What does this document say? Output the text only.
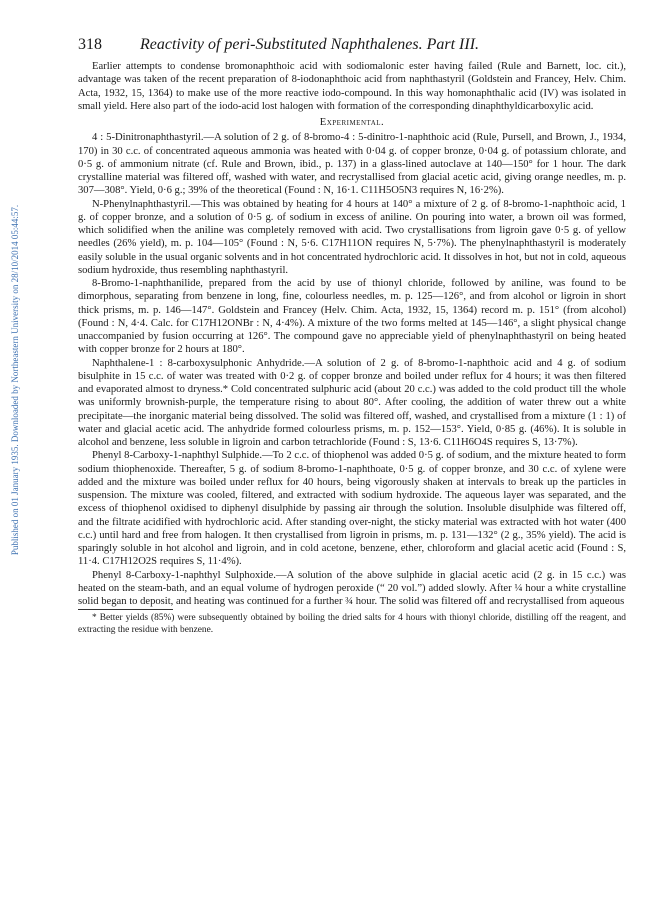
Published on 01 January 1935. Downloaded by Northeastern University on 28/10/2014 05:44:57.
318 Reactivity of peri-Substituted Naphthalenes. Part III.

Earlier attempts to condense bromonaphthoic acid with sodiomalonic ester having failed (Rule and Barnett, loc. cit.), advantage was taken of the recent preparation of 8-iodonaphthoic acid from naphthastyril (Goldstein and Francey, Helv. Chim. Acta, 1932, 15, 1364) to make use of the more reactive iodo-compound. In this way homonaphthalic acid (IV) was isolated in small yield. Here also part of the iodo-acid lost halogen with formation of the corresponding dinaphthyldicarboxylic acid.

Experimental.

4 : 5-Dinitronaphthastyril.—A solution of 2 g. of 8-bromo-4 : 5-dinitro-1-naphthoic acid (Rule, Pursell, and Brown, J., 1934, 170) in 30 c.c. of concentrated aqueous ammonia was heated with 0·04 g. of copper bronze, 0·04 g. of potassium chlorate, and 0·5 g. of ammonium nitrate (cf. Rule and Brown, ibid., p. 137) in a glass-lined autoclave at 140—150° for 1 hour. The dark crystalline material was filtered off, washed with water, and recrystallised from glacial acetic acid, giving orange needles, m. p. 307—308°. Yield, 0·6 g.; 39% of the theoretical (Found : N, 16·1. C11H5O5N3 requires N, 16·2%).

N-Phenylnaphthastyril.—This was obtained by heating for 4 hours at 140° a mixture of 2 g. of 8-bromo-1-naphthoic acid, 1 g. of copper bronze, and a solution of 0·5 g. of sodium in excess of aniline. On pouring into water, a brown oil was formed, which solidified when the aniline was completely removed with acid. Two crystallisations from ligroin gave 0·5 g. of yellow needles (26% yield), m. p. 104—105° (Found : N, 5·6. C17H11ON requires N, 5·7%). The phenylnaphthastyril is moderately easily soluble in the usual organic solvents and in hot concentrated hydrochloric acid. It dissolves in hot, but not in cold, aqueous sodium hydroxide, thus resembling naphthastyril.

8-Bromo-1-naphthanilide, prepared from the acid by use of thionyl chloride, followed by aniline, was found to be dimorphous, separating from benzene in long, fine, colourless needles, m. p. 125—126°, and from alcohol or ligroin in short thick prisms, m. p. 146—147°. Goldstein and Francey (Helv. Chim. Acta, 1932, 15, 1364) record m. p. 151° (from alcohol) (Found : N, 4·4. Calc. for C17H12ONBr : N, 4·4%). A mixture of the two forms melted at 145—146°, a slight physical change unaccompanied by fusion occurring at 126°. The compound gave no appreciable yield of phenylnaphthastyril on being heated with copper bronze for 2 hours at 180°.

Naphthalene-1 : 8-carboxysulphonic Anhydride.—A solution of 2 g. of 8-bromo-1-naphthoic acid and 4 g. of sodium bisulphite in 15 c.c. of water was treated with 0·2 g. of copper bronze and boiled under reflux for 4 hours; it was then filtered and evaporated almost to dryness.* Cold concentrated sulphuric acid (about 20 c.c.) was added to the cold product till the whole was uniformly brownish-purple, the temperature rising to about 80°. After cooling, the addition of water threw out a white precipitate—the inorganic material being dissolved. The solid was filtered off, washed, and crystallised from a mixture (1 : 1) of water and glacial acetic acid. The anhydride formed colourless prisms, m. p. 152—153°. Yield, 0·85 g. (46%). It is soluble in alcohol and benzene, less soluble in ligroin and carbon tetrachloride (Found : S, 13·6. C11H6O4S requires S, 13·7%).

Phenyl 8-Carboxy-1-naphthyl Sulphide.—To 2 c.c. of thiophenol was added 0·5 g. of sodium, and the mixture heated to form sodium thiophenoxide. Thereafter, 5 g. of sodium 8-bromo-1-naphthoate, 0·5 g. of copper bronze, and 30 c.c. of xylene were added and the mixture was boiled under reflux for 40 hours, being vigorously shaken at intervals to break up the particles in suspension. The mixture was cooled, filtered, and extracted with sodium hydroxide. The aqueous layer was separated, and the excess of thiophenol oxidised to diphenyl disulphide by passing air through the solution. Insoluble disulphide was filtered off, and the filtrate acidified with hydrochloric acid. After standing over-night, the sticky material was extracted with hot water (400 c.c.) until hard and free from halogen. It then crystallised from ligroin in prisms, m. p. 131—132° (2 g., 35% yield). The acid is sparingly soluble in hot alcohol and ligroin, and in cold acetone, benzene, ether, chloroform and glacial acetic acid (Found : S, 11·4. C17H12O2S requires S, 11·4%).

Phenyl 8-Carboxy-1-naphthyl Sulphoxide.—A solution of the above sulphide in glacial acetic acid (2 g. in 15 c.c.) was heated on the steam-bath, and an equal volume of hydrogen peroxide (“ 20 vol.”) added slowly. After ¼ hour a white crystalline solid began to deposit, and heating was continued for a further ¾ hour. The solid was filtered off and recrystallised from aqueous

* Better yields (85%) were subsequently obtained by boiling the dried salts for 4 hours with thionyl chloride, distilling off the reagent, and extracting the residue with benzene.
